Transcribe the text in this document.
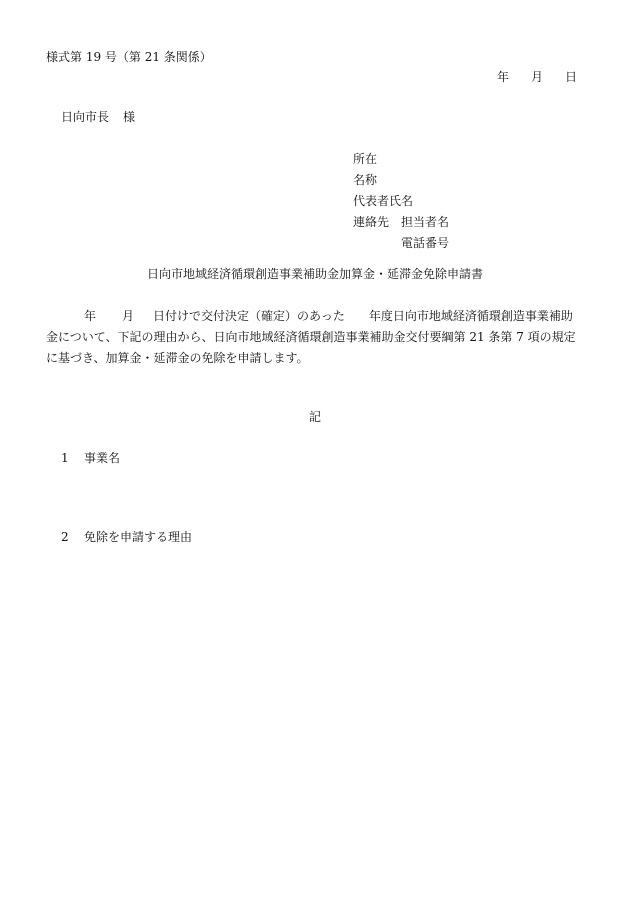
様式第 19 号（第 21 条関係）
年 月 日
日向市長 様
所在
名称
代表者氏名
連絡先 担当者名
電話番号
日向市地域経済循環創造事業補助金加算金・延滞金免除申請書
年 月 日付けで交付決定（確定）のあった 年度日向市地域経済循環創造事業補助
金について、下記の理由から、日向市地域経済循環創造事業補助金交付要綱第 21 条第 7 項の規定
に基づき、加算金・延滞金の免除を申請します。
記
1 事業名
2 免除を申請する理由
